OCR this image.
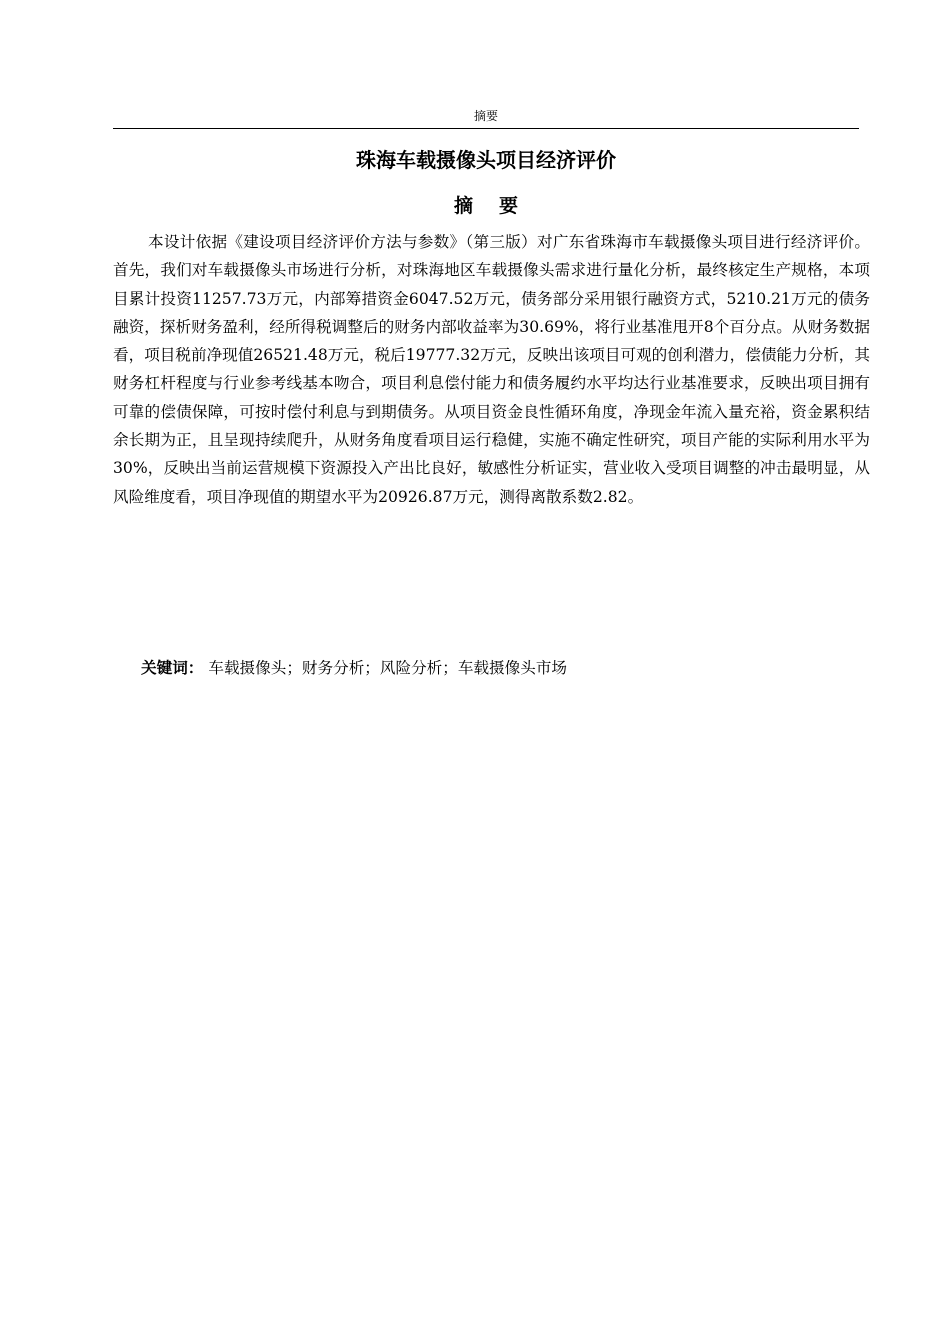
摘要
珠海车载摄像头项目经济评价
摘要

本设计依据《建设项目经济评价方法与参数》（第三版）对广东省珠海市车载摄像头项目进行经济评价。首先，我们对车载摄像头市场进行分析，对珠海地区车载摄像头需求进行量化分析，最终核定生产规格，本项目累计投资11257.73万元，内部筹措资金6047.52万元，债务部分采用银行融资方式，5210.21万元的债务融资，探析财务盈利，经所得税调整后的财务内部收益率为30.69%，将行业基准甩开8个百分点。从财务数据看，项目税前净现值26521.48万元，税后19777.32万元，反映出该项目可观的创利潜力，偿债能力分析，其财务杠杆程度与行业参考线基本吻合，项目利息偿付能力和债务履约水平均达行业基准要求，反映出项目拥有可靠的偿债保障，可按时偿付利息与到期债务。从项目资金良性循环角度，净现金年流入量充裕，资金累积结余长期为正，且呈现持续爬升，从财务角度看项目运行稳健，实施不确定性研究，项目产能的实际利用水平为30%，反映出当前运营规模下资源投入产出比良好，敏感性分析证实，营业收入受项目调整的冲击最明显，从风险维度看，项目净现值的期望水平为20926.87万元，测得离散系数2.82。

关键词： 车载摄像头；财务分析；风险分析；车载摄像头市场
